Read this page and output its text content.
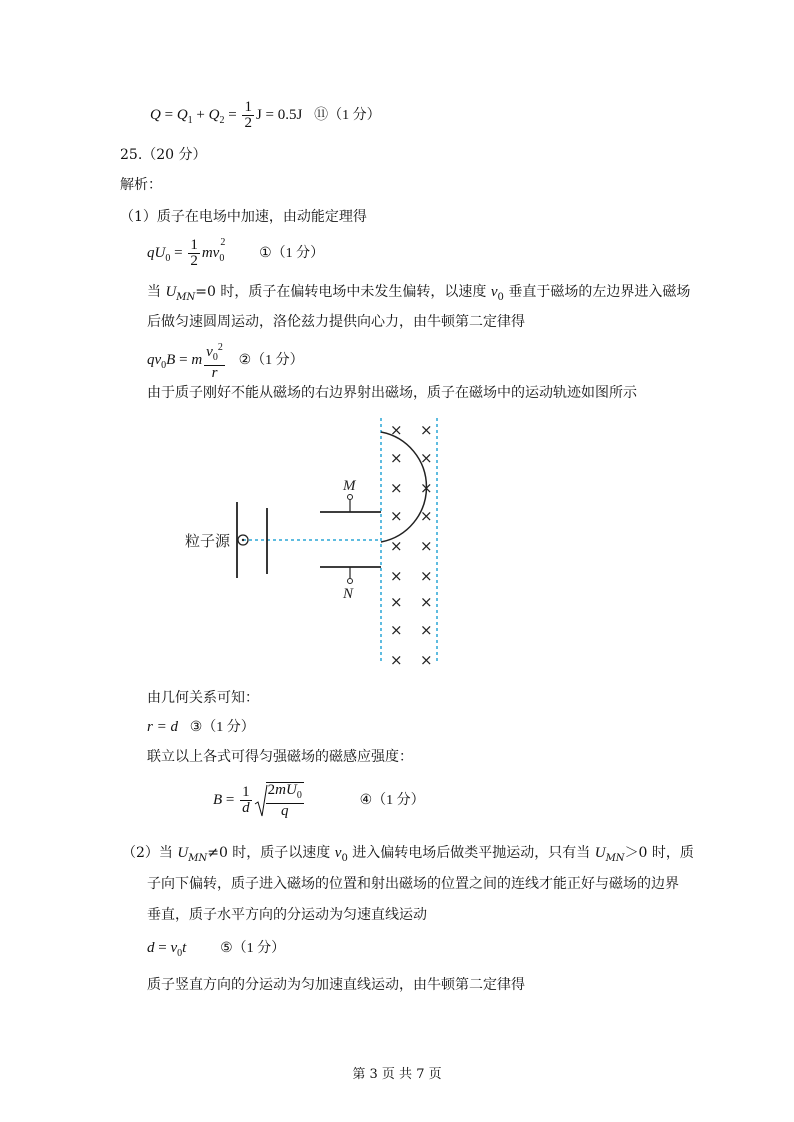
$Q = Q_1 + Q_2 = \frac{1}{2}$ J = 0.5J ⑪（1 分）
25.（20 分）
解析：
（1）质子在电场中加速，由动能定理得
$qU_0 = \frac{1}{2} mv_0^2$ ①（1 分）
当 $U_{MN}=0$ 时，质子在偏转电场中未发生偏转，以速度 $v_0$ 垂直于磁场的左边界进入磁场
后做匀速圆周运动，洛伦兹力提供向心力，由牛顿第二定律得
$qv_0B = m \frac{v_0^2}{r}$ ②（1 分）
由于质子刚好不能从磁场的右边界射出磁场，质子在磁场中的运动轨迹如图所示
M
N
粒子源
× ×
× ×
× ×
× ×
× ×
× ×
× ×
× ×
× ×
由几何关系可知：
r = d ③（1 分）
联立以上各式可得匀强磁场的磁感应强度：
$B = \frac{1}{d} \frac{2mU_0}{q}$	④（1 分）
（2）当 $U_{MN}\ne 0$ 时，质子以速度 $v_0$ 进入偏转电场后做类平抛运动，只有当 $U_{MN}>0$ 时，质
子向下偏转，质子进入磁场的位置和射出磁场的位置之间的连线才能正好与磁场的边界
垂直，质子水平方向的分运动为匀速直线运动
$d = v_0t$ ⑤（1 分）
质子竖直方向的分运动为匀加速直线运动，由牛顿第二定律得
第 3 页 共 7 页
